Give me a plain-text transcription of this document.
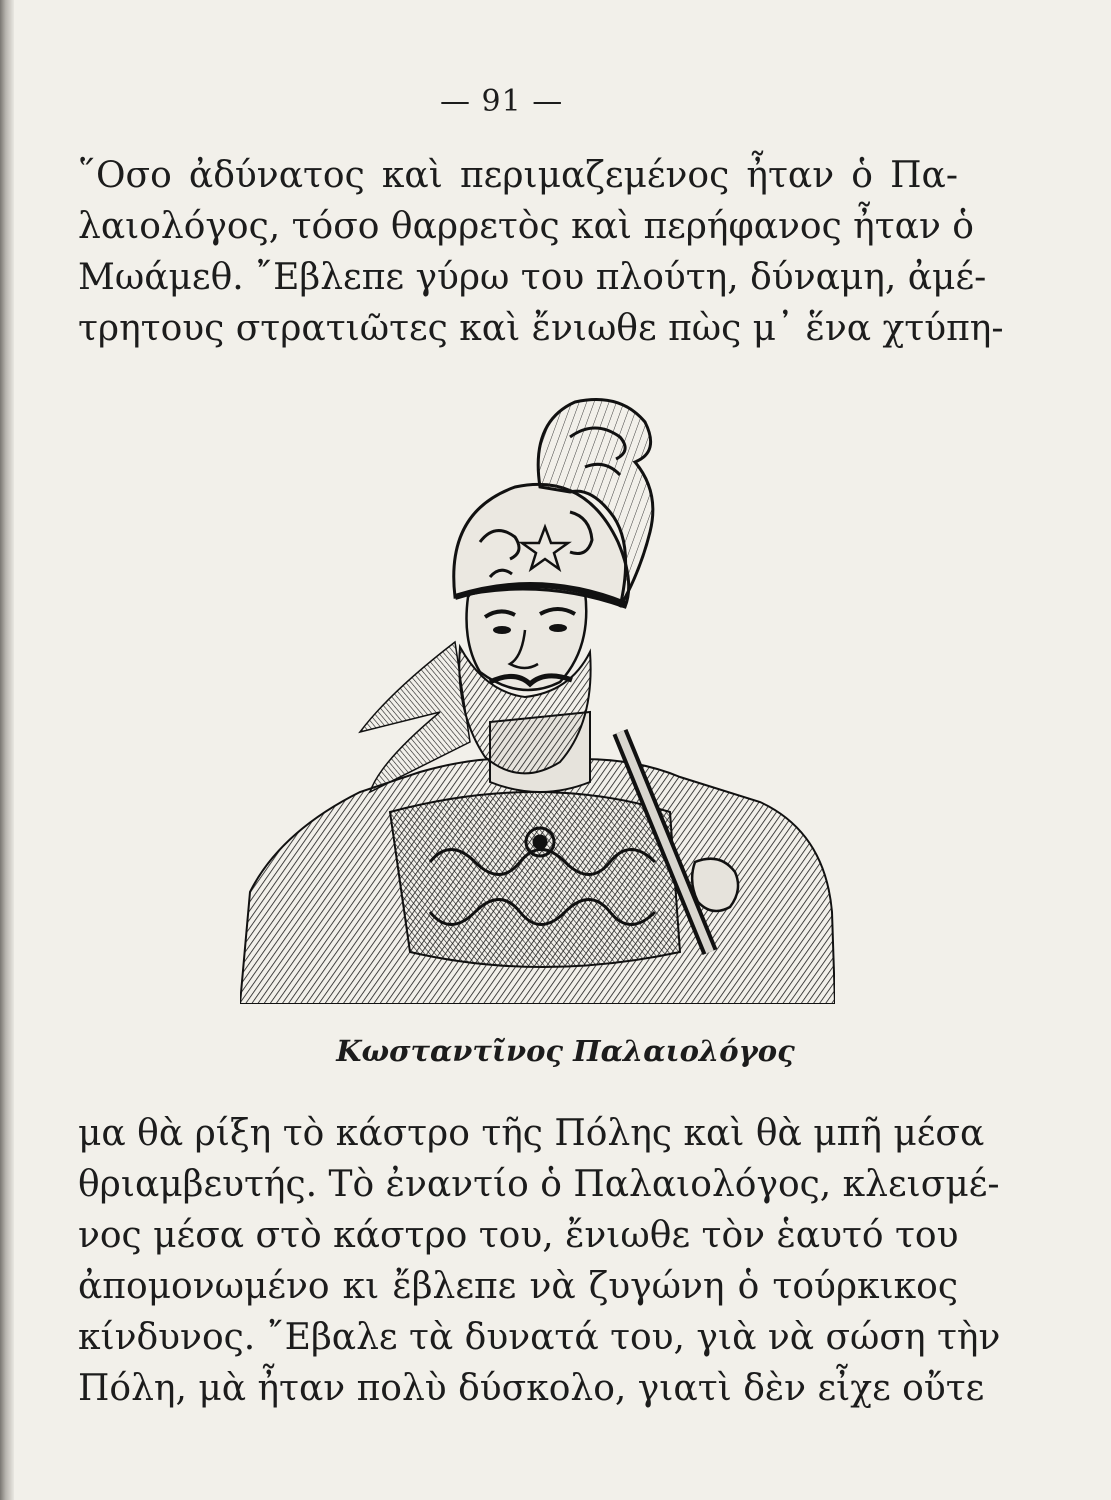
— 91 —

῞Οσο ἀδύνατος καὶ περιμαζεμένος ἦταν ὁ Πα-
λαιολόγος, τόσο θαρρετὸς καὶ περήφανος ἦταν ὁ
Μωάμεθ. ῎Εβλεπε γύρω του πλούτη, δύναμη, ἀμέ-
τρητους στρατιῶτες καὶ ἔνιωθε πὼς μ᾽ ἕνα χτύπη-

Κωσταντῖνος Παλαιολόγος

μα θὰ ρίξη τὸ κάστρο τῆς Πόλης καὶ θὰ μπῆ μέσα
θριαμβευτής. Τὸ ἐναντίο ὁ Παλαιολόγος, κλεισμέ-
νος μέσα στὸ κάστρο του, ἔνιωθε τὸν ἑαυτό του
ἀπομονωμένο κι ἔβλεπε νὰ ζυγώνη ὁ τούρκικος
κίνδυνος. ῎Εβαλε τὰ δυνατά του, γιὰ νὰ σώση τὴν
Πόλη, μὰ ἦταν πολὺ δύσκολο, γιατὶ δὲν εἶχε οὔτε
